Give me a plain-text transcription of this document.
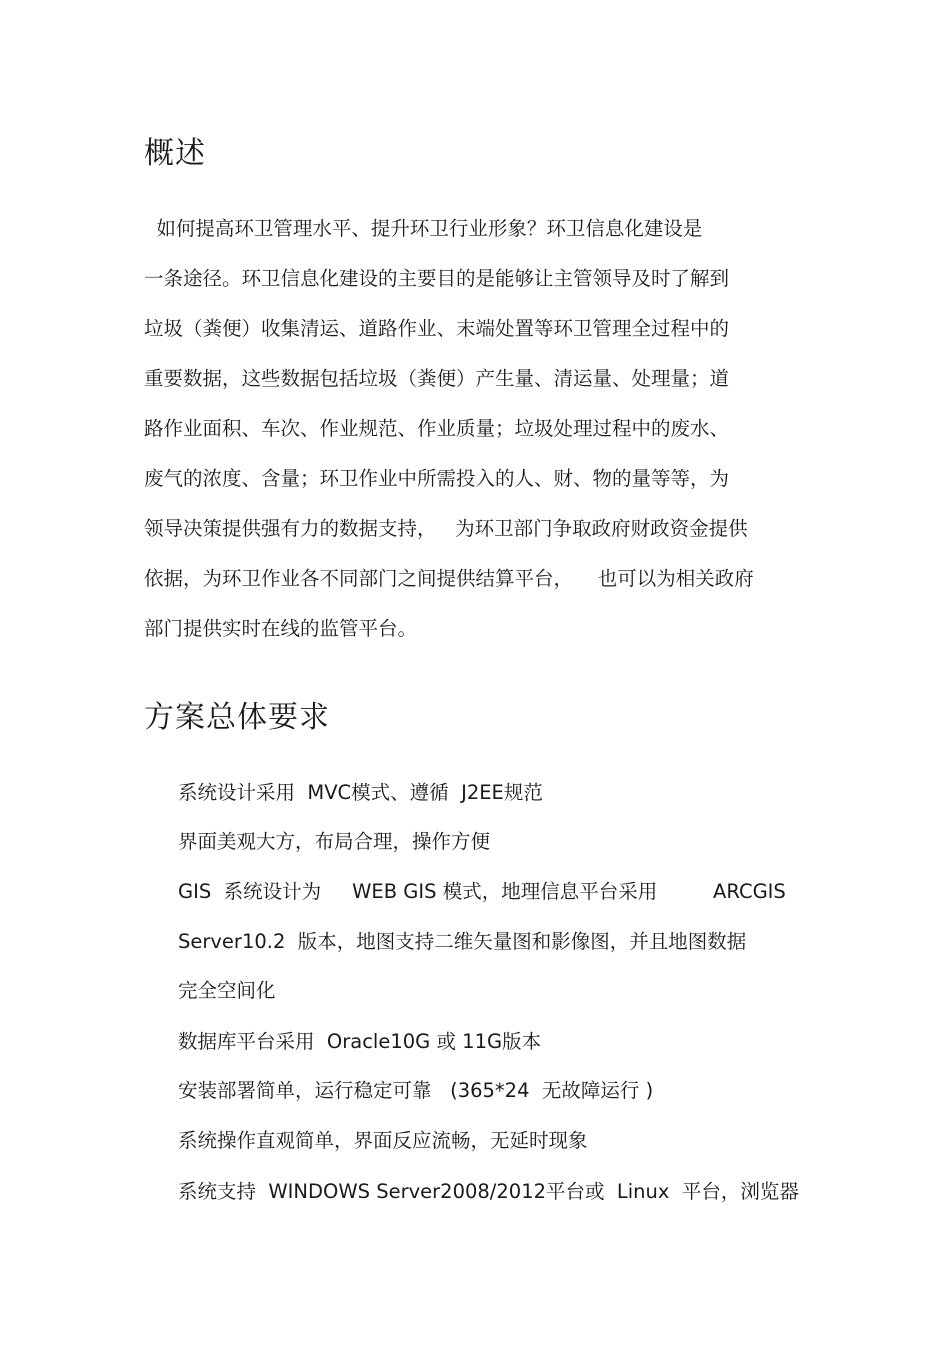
概述

如何提高环卫管理水平、提升环卫行业形象？环卫信息化建设是

一条途径。环卫信息化建设的主要目的是能够让主管领导及时了解到

垃圾（粪便）收集清运、道路作业、末端处置等环卫管理全过程中的

重要数据，这些数据包括垃圾（粪便）产生量、清运量、处理量；道

路作业面积、车次、作业规范、作业质量；垃圾处理过程中的废水、

废气的浓度、含量；环卫作业中所需投入的人、财、物的量等等，为

领导决策提供强有力的数据支持，   为环卫部门争取政府财政资金提供

依据，为环卫作业各不同部门之间提供结算平台，    也可以为相关政府

部门提供实时在线的监管平台。

方案总体要求

系统设计采用  MVC模式、遵循  J2EE规范

界面美观大方，布局合理，操作方便

GIS  系统设计为     WEB GIS 模式，地理信息平台采用         ARCGIS

Server10.2  版本，地图支持二维矢量图和影像图，并且地图数据

完全空间化

数据库平台采用  Oracle10G 或 11G版本

安装部署简单，运行稳定可靠   (365*24  无故障运行 )

系统操作直观简单，界面反应流畅，无延时现象

系统支持  WINDOWS Server2008/2012平台或  Linux  平台，浏览器
